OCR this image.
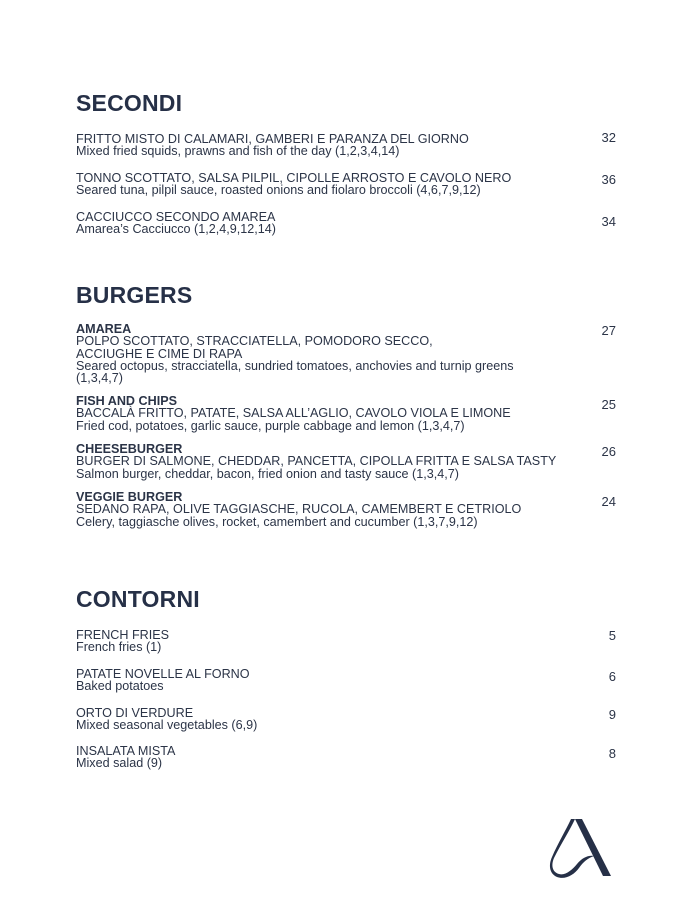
SECONDI
FRITTO MISTO DI CALAMARI, GAMBERI E PARANZA DEL GIORNO
Mixed fried squids, prawns and fish of the day (1,2,3,4,14)
32
TONNO SCOTTATO, SALSA PILPIL, CIPOLLE ARROSTO E CAVOLO NERO
Seared tuna, pilpil sauce, roasted onions and fiolaro broccoli (4,6,7,9,12)
36
CACCIUCCO SECONDO AMAREA
Amarea’s Cacciucco (1,2,4,9,12,14)
34
BURGERS
AMAREA
POLPO SCOTTATO, STRACCIATELLA, POMODORO SECCO,
ACCIUGHE E CIME DI RAPA
Seared octopus, stracciatella, sundried tomatoes, anchovies and turnip greens
(1,3,4,7)
27
FISH AND CHIPS
BACCALÀ FRITTO, PATATE, SALSA ALL’AGLIO, CAVOLO VIOLA E LIMONE
Fried cod, potatoes, garlic sauce, purple cabbage and lemon (1,3,4,7)
25
CHEESEBURGER
BURGER DI SALMONE, CHEDDAR, PANCETTA, CIPOLLA FRITTA E SALSA TASTY
Salmon burger, cheddar, bacon, fried onion and tasty sauce (1,3,4,7)
26
VEGGIE BURGER
SEDANO RAPA, OLIVE TAGGIASCHE, RUCOLA, CAMEMBERT E CETRIOLO
Celery, taggiasche olives, rocket, camembert and cucumber (1,3,7,9,12)
24
CONTORNI
FRENCH FRIES
French fries (1)
5
PATATE NOVELLE AL FORNO
Baked potatoes
6
ORTO DI VERDURE
Mixed seasonal vegetables (6,9)
9
INSALATA MISTA
Mixed salad (9)
8
